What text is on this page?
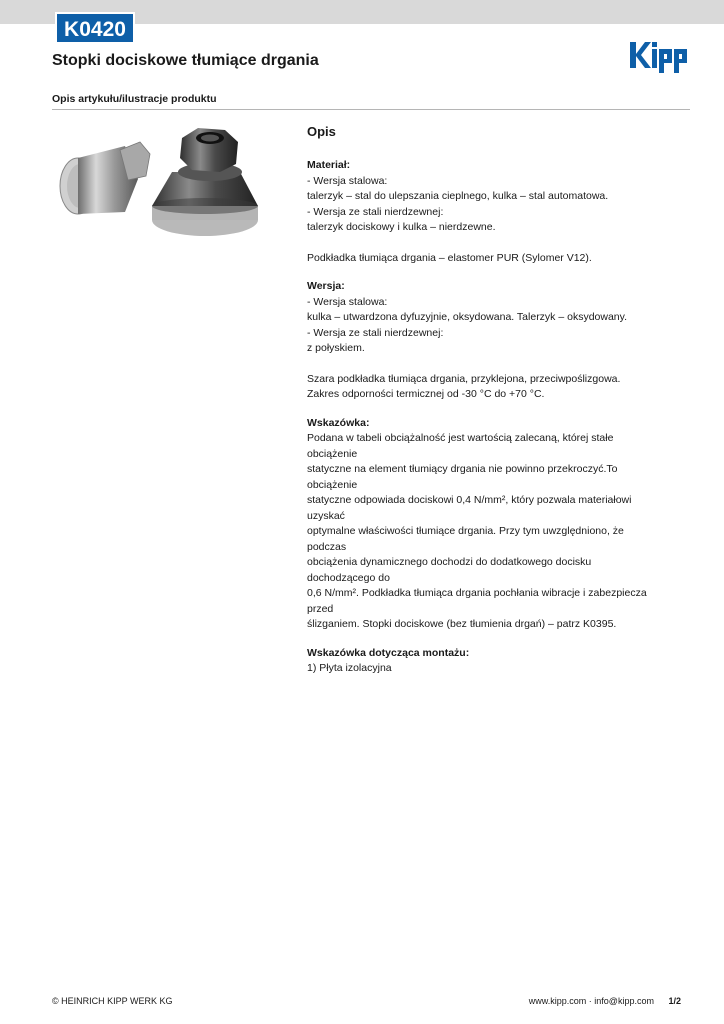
K0420
Stopki dociskowe tłumiące drgania
Opis artykułu/ilustracje produktu
Opis
Materiał:
- Wersja stalowa:
talerzyk – stal do ulepszania cieplnego, kulka – stal automatowa.
- Wersja ze stali nierdzewnej:
talerzyk dociskowy i kulka – nierdzewne.
Podkładka tłumiąca drgania – elastomer PUR (Sylomer V12).
Wersja:
- Wersja stalowa:
kulka – utwardzona dyfuzyjnie, oksydowana. Talerzyk – oksydowany.
- Wersja ze stali nierdzewnej:
z połyskiem.
Szara podkładka tłumiąca drgania, przyklejona, przeciwpoślizgowa.
Zakres odporności termicznej od -30 °C do +70 °C.
Wskazówka:
Podana w tabeli obciążalność jest wartością zalecaną, której stałe obciążenie
statyczne na element tłumiący drgania nie powinno przekroczyć.To obciążenie
statyczne odpowiada dociskowi 0,4 N/mm², który pozwala materiałowi uzyskać
optymalne właściwości tłumiące drgania. Przy tym uwzględniono, że podczas
obciążenia dynamicznego dochodzi do dodatkowego docisku dochodzącego do
0,6 N/mm². Podkładka tłumiąca drgania pochłania wibracje i zabezpiecza przed
ślizganiem. Stopki dociskowe (bez tłumienia drgań) – patrz K0395.
Wskazówka dotycząca montażu:
1) Płyta izolacyjna
© HEINRICH KIPP WERK KG	www.kipp.com · info@kipp.com 1/2
